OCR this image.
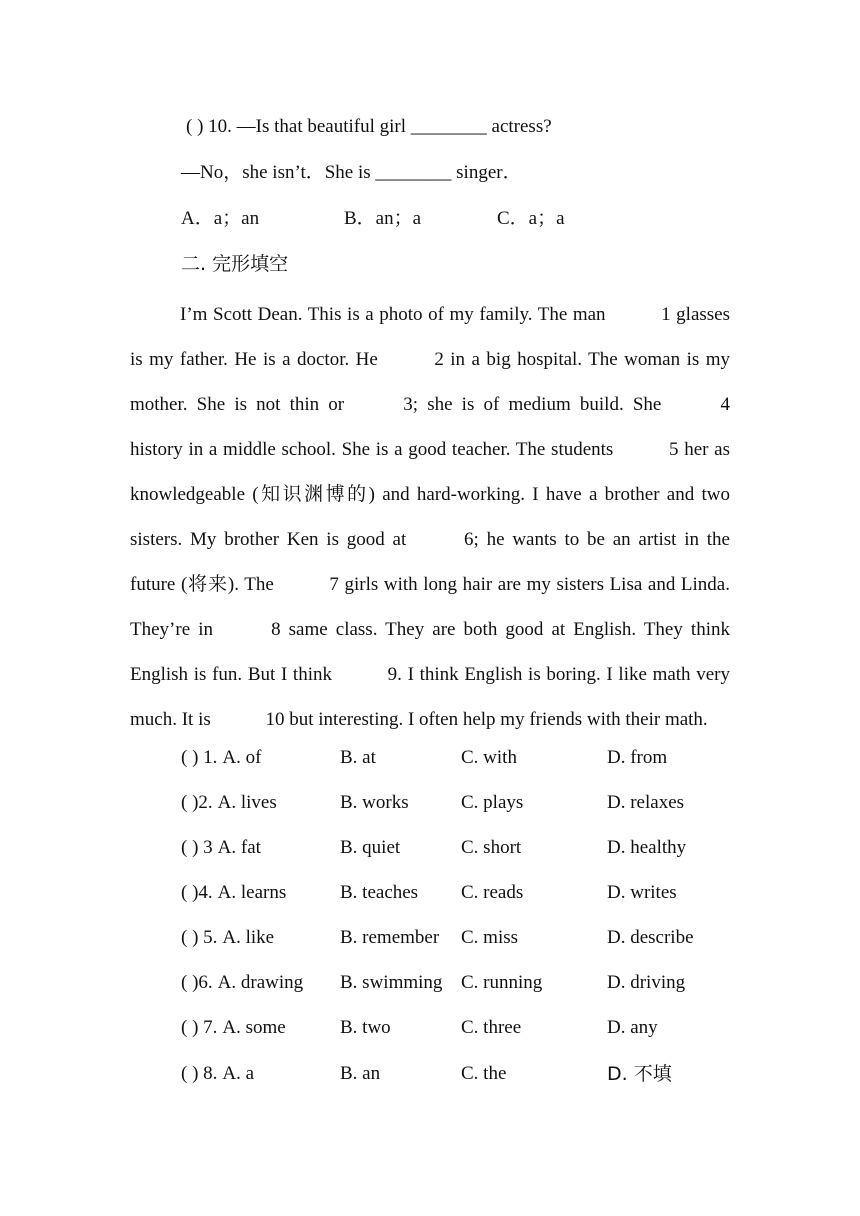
( ) 10. —Is that beautiful girl ________ actress?
—No，she isn’t．She is ________ singer．
A．a；an	B．an；a	C．a；a
二. 完形填空

I’m Scott Dean. This is a photo of my family. The man	1 glasses is my father. He is a doctor. He	2 in a big hospital. The woman is my mother. She is not thin or	3; she is of medium build. She	4 history in a middle school. She is a good teacher. The students	5 her as knowledgeable (知识渊博的) and hard-working. I have a brother and two sisters. My brother Ken is good at	6; he wants to be an artist in the future (将来). The	7 girls with long hair are my sisters Lisa and Linda. They’re in	8 same class. They are both good at English. They think English is fun. But I think	9. I think English is boring. I like math very much. It is	10 but interesting. I often help my friends with their math.

( ) 1. A. of	B. at	C. with	D. from
( )2. A. lives	B. works	C. plays	D. relaxes
( ) 3 A. fat	B. quiet	C. short	D. healthy
( )4. A. learns	B. teaches C. reads	D. writes
( ) 5. A. like	B. remember C. miss	D. describe
( )6. A. drawing B. swimming C. running	D. driving
( ) 7. A. some	B. two	C. three	D. any
( ) 8. A. a	B. an	C. the	D. 不填
